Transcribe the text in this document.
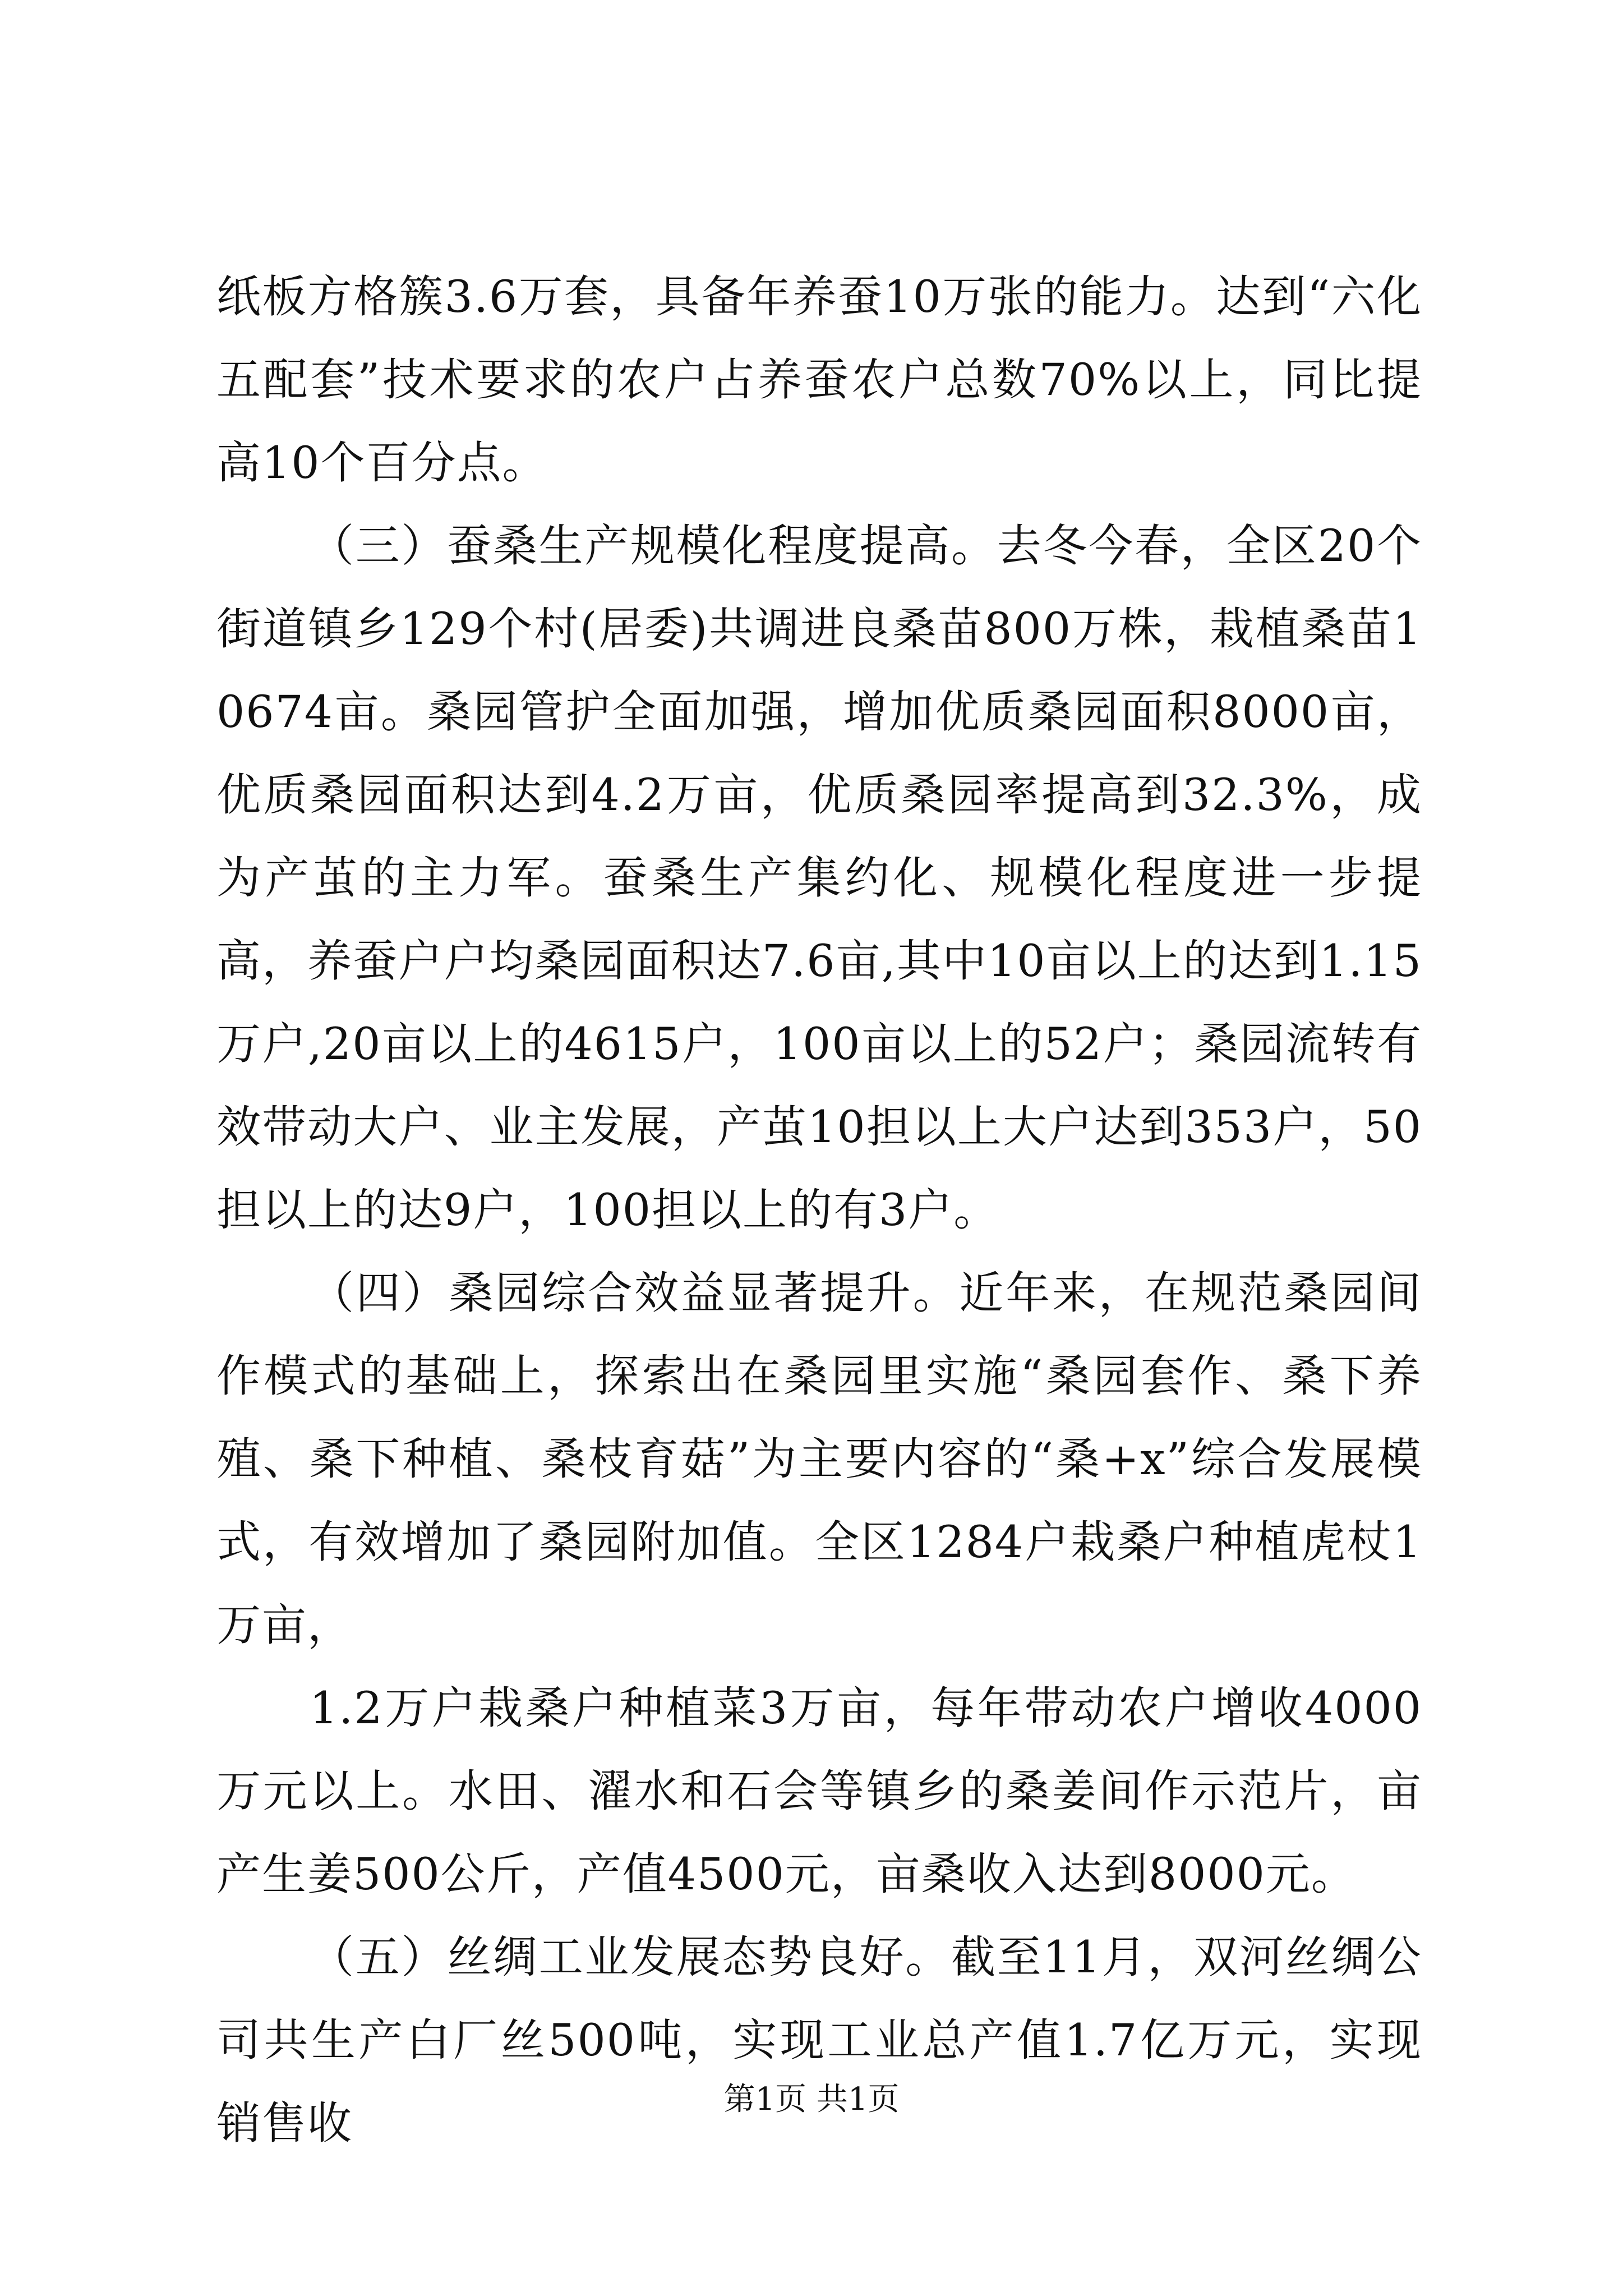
纸板方格簇3.6万套，具备年养蚕10万张的能力。达到“六化五配套”技术要求的农户占养蚕农户总数70%以上，同比提高10个百分点。

（三）蚕桑生产规模化程度提高。去冬今春，全区20个街道镇乡129个村(居委)共调进良桑苗800万株，栽植桑苗10674亩。桑园管护全面加强，增加优质桑园面积8000亩，优质桑园面积达到4.2万亩，优质桑园率提高到32.3%，成为产茧的主力军。蚕桑生产集约化、规模化程度进一步提高，养蚕户户均桑园面积达7.6亩,其中10亩以上的达到1.15万户,20亩以上的4615户，100亩以上的52户；桑园流转有效带动大户、业主发展，产茧10担以上大户达到353户，50担以上的达9户，100担以上的有3户。

（四）桑园综合效益显著提升。近年来，在规范桑园间作模式的基础上，探索出在桑园里实施“桑园套作、桑下养殖、桑下种植、桑枝育菇”为主要内容的“桑+x”综合发展模式，有效增加了桑园附加值。全区1284户栽桑户种植虎杖1万亩，

1.2万户栽桑户种植菜3万亩，每年带动农户增收4000万元以上。水田、濯水和石会等镇乡的桑姜间作示范片，亩产生姜500公斤，产值4500元，亩桑收入达到8000元。

（五）丝绸工业发展态势良好。截至11月，双河丝绸公司共生产白厂丝500吨，实现工业总产值1.7亿万元，实现销售收	第1页 共1页
